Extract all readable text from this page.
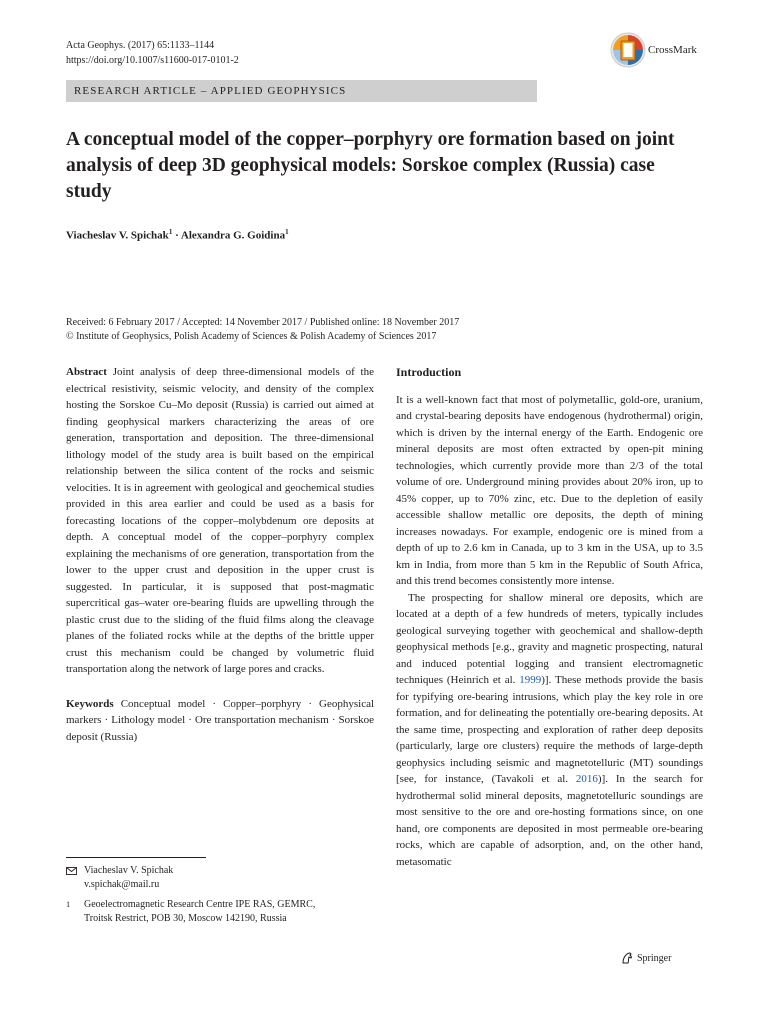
Acta Geophys. (2017) 65:1133–1144
https://doi.org/10.1007/s11600-017-0101-2
CrossMark
RESEARCH ARTICLE – APPLIED GEOPHYSICS
A conceptual model of the copper–porphyry ore formation based on joint analysis of deep 3D geophysical models: Sorskoe complex (Russia) case study
Viacheslav V. Spichak$^1$ · Alexandra G. Goidina$^1$
Received: 6 February 2017 / Accepted: 14 November 2017 / Published online: 18 November 2017
© Institute of Geophysics, Polish Academy of Sciences & Polish Academy of Sciences 2017

Abstract Joint analysis of deep three-dimensional models of the electrical resistivity, seismic velocity, and density of the complex hosting the Sorskoe Cu–Mo deposit (Russia) is carried out aimed at finding geophysical markers characterizing the areas of ore generation, transportation and deposition. The three-dimensional lithology model of the study area is built based on the empirical relationship between the silica content of the rocks and seismic velocities. It is in agreement with geological and geochemical studies provided in this area earlier and could be used as a basis for forecasting locations of the copper–molybdenum ore deposits at depth. A conceptual model of the copper–porphyry complex explaining the mechanisms of ore generation, transportation from the lower to the upper crust and deposition in the upper crust is suggested. In particular, it is supposed that post-magmatic supercritical gas–water ore-bearing fluids are upwelling through the plastic crust due to the sliding of the fluid films along the cleavage planes of the foliated rocks while at the depths of the brittle upper crust this mechanism could be changed by volumetric fluid transportation along the network of large pores and cracks.

Keywords Conceptual model · Copper–porphyry · Geophysical markers · Lithology model · Ore transportation mechanism · Sorskoe deposit (Russia)

Viacheslav V. Spichak
v.spichak@mail.ru
$^1$	Geoelectromagnetic Research Centre IPE RAS, GEMRC,
Troitsk Restrict, POB 30, Moscow 142190, Russia
Introduction

It is a well-known fact that most of polymetallic, gold-ore, uranium, and crystal-bearing deposits have endogenous (hydrothermal) origin, which is driven by the internal energy of the Earth. Endogenic ore mineral deposits are most often extracted by open-pit mining technologies, which currently provide more than 2/3 of the total volume of ore. Underground mining provides about 20% iron, up to 45% copper, up to 70% zinc, etc. Due to the depletion of easily accessible shallow metallic ore deposits, the depth of mining increases nowadays. For example, endogenic ore is mined from a depth of up to 2.6 km in Canada, up to 3 km in the USA, up to 3.5 km in India, from more than 5 km in the Republic of South Africa, and this trend becomes consistently more intense.

The prospecting for shallow mineral ore deposits, which are located at a depth of a few hundreds of meters, typically includes geological surveying together with geochemical and shallow-depth geophysical methods [e.g., gravity and magnetic prospecting, natural and induced potential logging and transient electromagnetic techniques (Heinrich et al. 1999)]. These methods provide the basis for typifying ore-bearing intrusions, which play the key role in ore formation, and for delineating the potentially ore-bearing deposits. At the same time, prospecting and exploration of rather deep deposits (particularly, large ore clusters) require the methods of large-depth geophysics including seismic and magnetotelluric (MT) soundings [see, for instance, (Tavakoli et al. 2016)]. In the search for hydrothermal solid mineral deposits, magnetotelluric soundings are most sensitive to the ore and ore-hosting formations since, on one hand, ore components are deposited in most permeable ore-bearing rocks, which are capable of adsorption, and, on the other hand, metasomatic

Springer
